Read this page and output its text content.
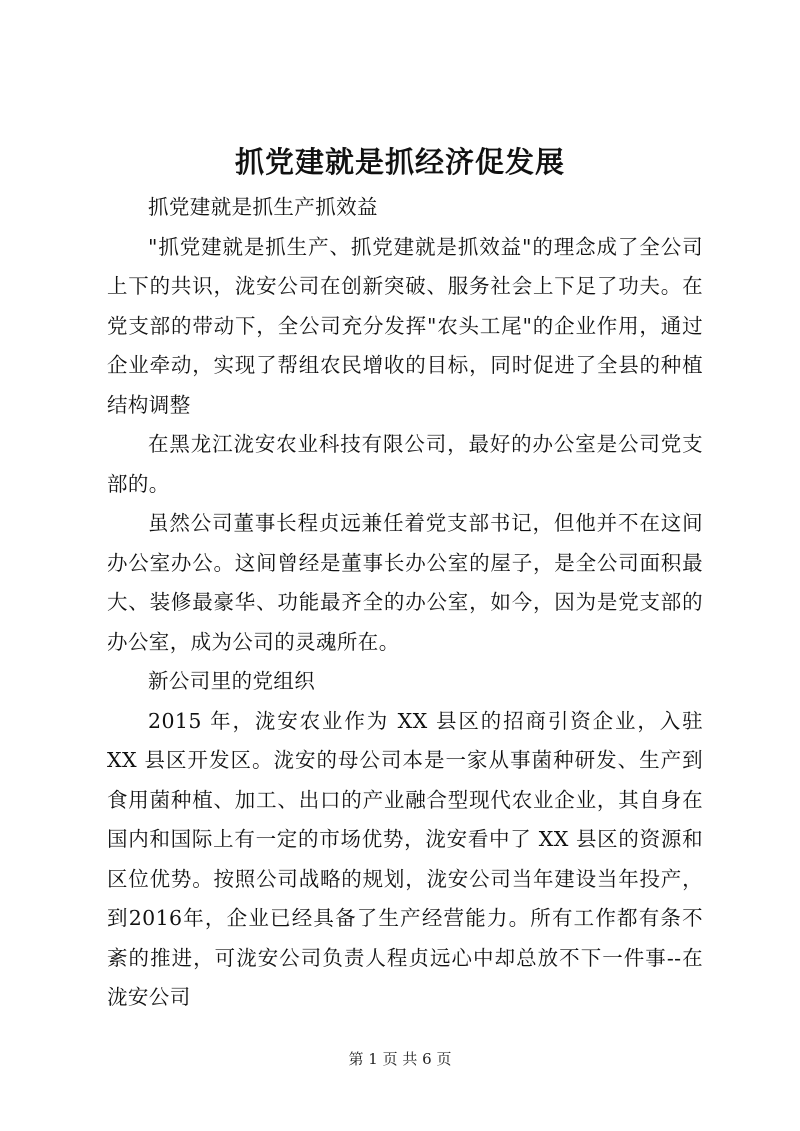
抓党建就是抓经济促发展

抓党建就是抓生产抓效益

"抓党建就是抓生产、抓党建就是抓效益"的理念成了全公司上下的共识，泷安公司在创新突破、服务社会上下足了功夫。在党支部的带动下，全公司充分发挥"农头工尾"的企业作用，通过企业牵动，实现了帮组农民增收的目标，同时促进了全县的种植结构调整

在黑龙江泷安农业科技有限公司，最好的办公室是公司党支部的。

虽然公司董事长程贞远兼任着党支部书记，但他并不在这间办公室办公。这间曾经是董事长办公室的屋子，是全公司面积最大、装修最豪华、功能最齐全的办公室，如今，因为是党支部的办公室，成为公司的灵魂所在。

新公司里的党组织

2015 年，泷安农业作为 XX 县区的招商引资企业，入驻 XX 县区开发区。泷安的母公司本是一家从事菌种研发、生产到食用菌种植、加工、出口的产业融合型现代农业企业，其自身在国内和国际上有一定的市场优势，泷安看中了 XX 县区的资源和区位优势。按照公司战略的规划，泷安公司当年建设当年投产，到2016年，企业已经具备了生产经营能力。所有工作都有条不紊的推进，可泷安公司负责人程贞远心中却总放不下一件事--在泷安公司

第 1 页 共 6 页
